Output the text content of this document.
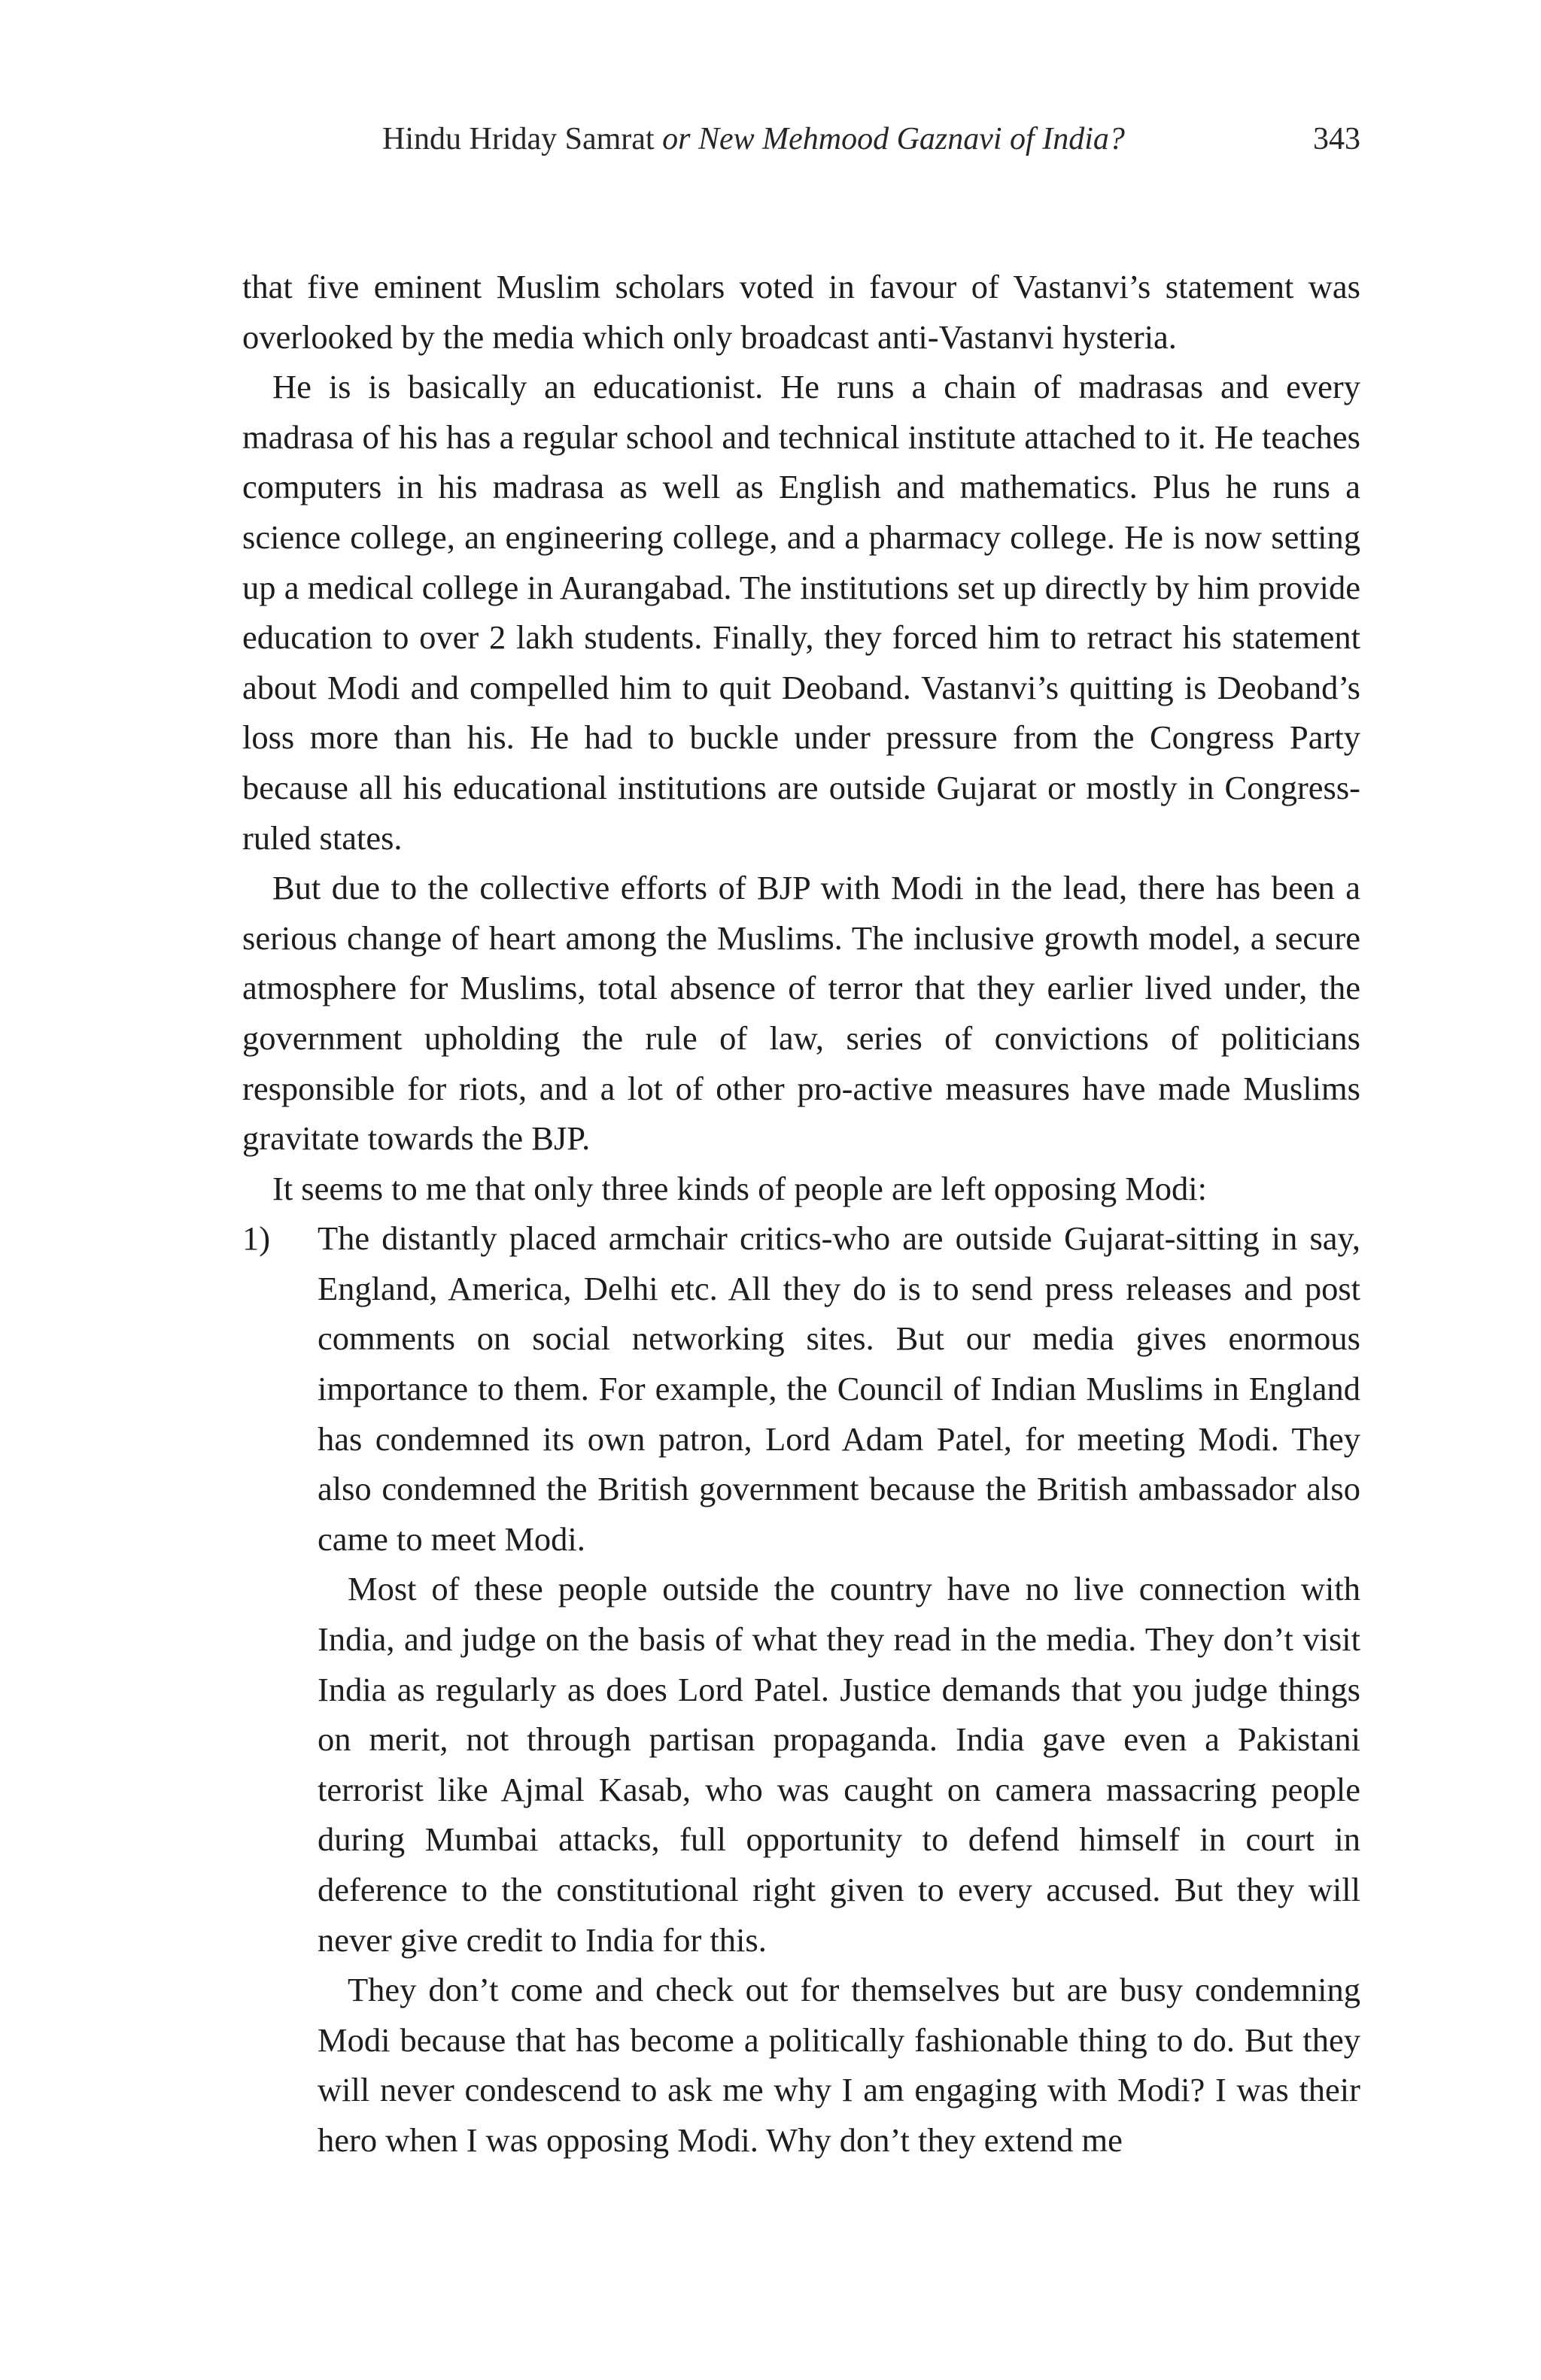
Hindu Hriday Samrat or New Mehmood Gaznavi of India?	343

that five eminent Muslim scholars voted in favour of Vastanvi’s statement was overlooked by the media which only broadcast anti-Vastanvi hysteria.

He is is basically an educationist. He runs a chain of madrasas and every madrasa of his has a regular school and technical institute attached to it. He teaches computers in his madrasa as well as English and mathematics. Plus he runs a science college, an engineering college, and a pharmacy college. He is now setting up a medical college in Aurangabad. The institutions set up directly by him provide education to over 2 lakh students. Finally, they forced him to retract his statement about Modi and compelled him to quit Deoband. Vastanvi’s quitting is Deoband’s loss more than his. He had to buckle under pressure from the Congress Party because all his educational institutions are outside Gujarat or mostly in Congress-ruled states.

But due to the collective efforts of BJP with Modi in the lead, there has been a serious change of heart among the Muslims. The inclusive growth model, a secure atmosphere for Muslims, total absence of terror that they earlier lived under, the government upholding the rule of law, series of convictions of politicians responsible for riots, and a lot of other pro-active measures have made Muslims gravitate towards the BJP.

It seems to me that only three kinds of people are left opposing Modi:

1) The distantly placed armchair critics-who are outside Gujarat-sitting in say, England, America, Delhi etc. All they do is to send press releases and post comments on social networking sites. But our media gives enormous importance to them. For example, the Council of Indian Muslims in England has condemned its own patron, Lord Adam Patel, for meeting Modi. They also condemned the British government because the British ambassador also came to meet Modi.

Most of these people outside the country have no live connection with India, and judge on the basis of what they read in the media. They don’t visit India as regularly as does Lord Patel. Justice demands that you judge things on merit, not through partisan propaganda. India gave even a Pakistani terrorist like Ajmal Kasab, who was caught on camera massacring people during Mumbai attacks, full opportunity to defend himself in court in deference to the constitutional right given to every accused. But they will never give credit to India for this.

They don’t come and check out for themselves but are busy condemning Modi because that has become a politically fashionable thing to do. But they will never condescend to ask me why I am engaging with Modi? I was their hero when I was opposing Modi. Why don’t they extend me
